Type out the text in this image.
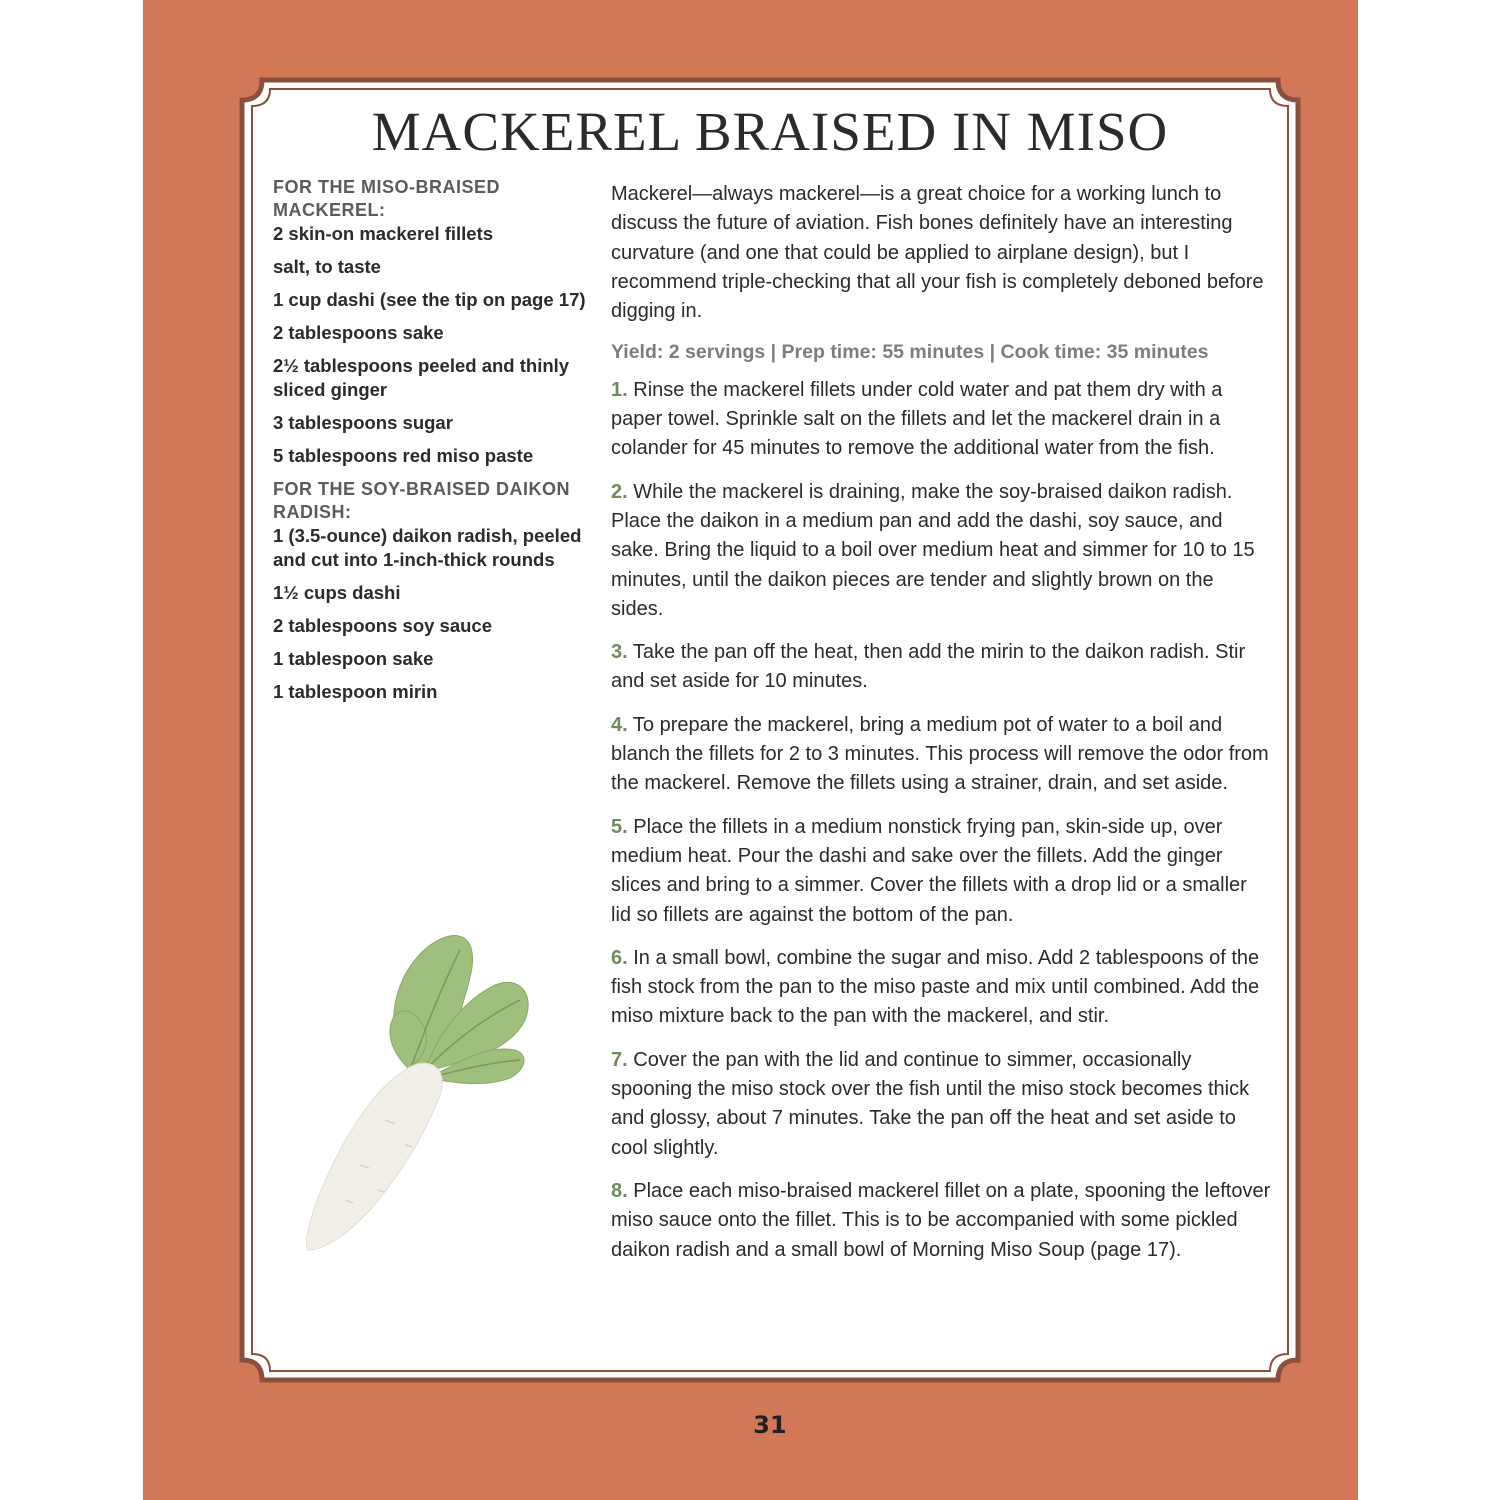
MACKEREL BRAISED IN MISO
FOR THE MISO-BRAISED MACKEREL:
2 skin-on mackerel fillets
salt, to taste
1 cup dashi (see the tip on page 17)
2 tablespoons sake
2½ tablespoons peeled and thinly sliced ginger
3 tablespoons sugar
5 tablespoons red miso paste
FOR THE SOY-BRAISED DAIKON RADISH:
1 (3.5-ounce) daikon radish, peeled and cut into 1-inch-thick rounds
1½ cups dashi
2 tablespoons soy sauce
1 tablespoon sake
1 tablespoon mirin

Mackerel—always mackerel—is a great choice for a working lunch to discuss the future of aviation. Fish bones definitely have an interesting curvature (and one that could be applied to airplane design), but I recommend triple-checking that all your fish is completely deboned before digging in.

Yield: 2 servings | Prep time: 55 minutes | Cook time: 35 minutes

1. Rinse the mackerel fillets under cold water and pat them dry with a paper towel. Sprinkle salt on the fillets and let the mackerel drain in a colander for 45 minutes to remove the additional water from the fish.

2. While the mackerel is draining, make the soy-braised daikon radish. Place the daikon in a medium pan and add the dashi, soy sauce, and sake. Bring the liquid to a boil over medium heat and simmer for 10 to 15 minutes, until the daikon pieces are tender and slightly brown on the sides.

3. Take the pan off the heat, then add the mirin to the daikon radish. Stir and set aside for 10 minutes.

4. To prepare the mackerel, bring a medium pot of water to a boil and blanch the fillets for 2 to 3 minutes. This process will remove the odor from the mackerel. Remove the fillets using a strainer, drain, and set aside.

5. Place the fillets in a medium nonstick frying pan, skin-side up, over medium heat. Pour the dashi and sake over the fillets. Add the ginger slices and bring to a simmer. Cover the fillets with a drop lid or a smaller lid so fillets are against the bottom of the pan.

6. In a small bowl, combine the sugar and miso. Add 2 tablespoons of the fish stock from the pan to the miso paste and mix until combined. Add the miso mixture back to the pan with the mackerel, and stir.

7. Cover the pan with the lid and continue to simmer, occasionally spooning the miso stock over the fish until the miso stock becomes thick and glossy, about 7 minutes. Take the pan off the heat and set aside to cool slightly.

8. Place each miso-braised mackerel fillet on a plate, spooning the leftover miso sauce onto the fillet. This is to be accompanied with some pickled daikon radish and a small bowl of Morning Miso Soup (page 17).

31
